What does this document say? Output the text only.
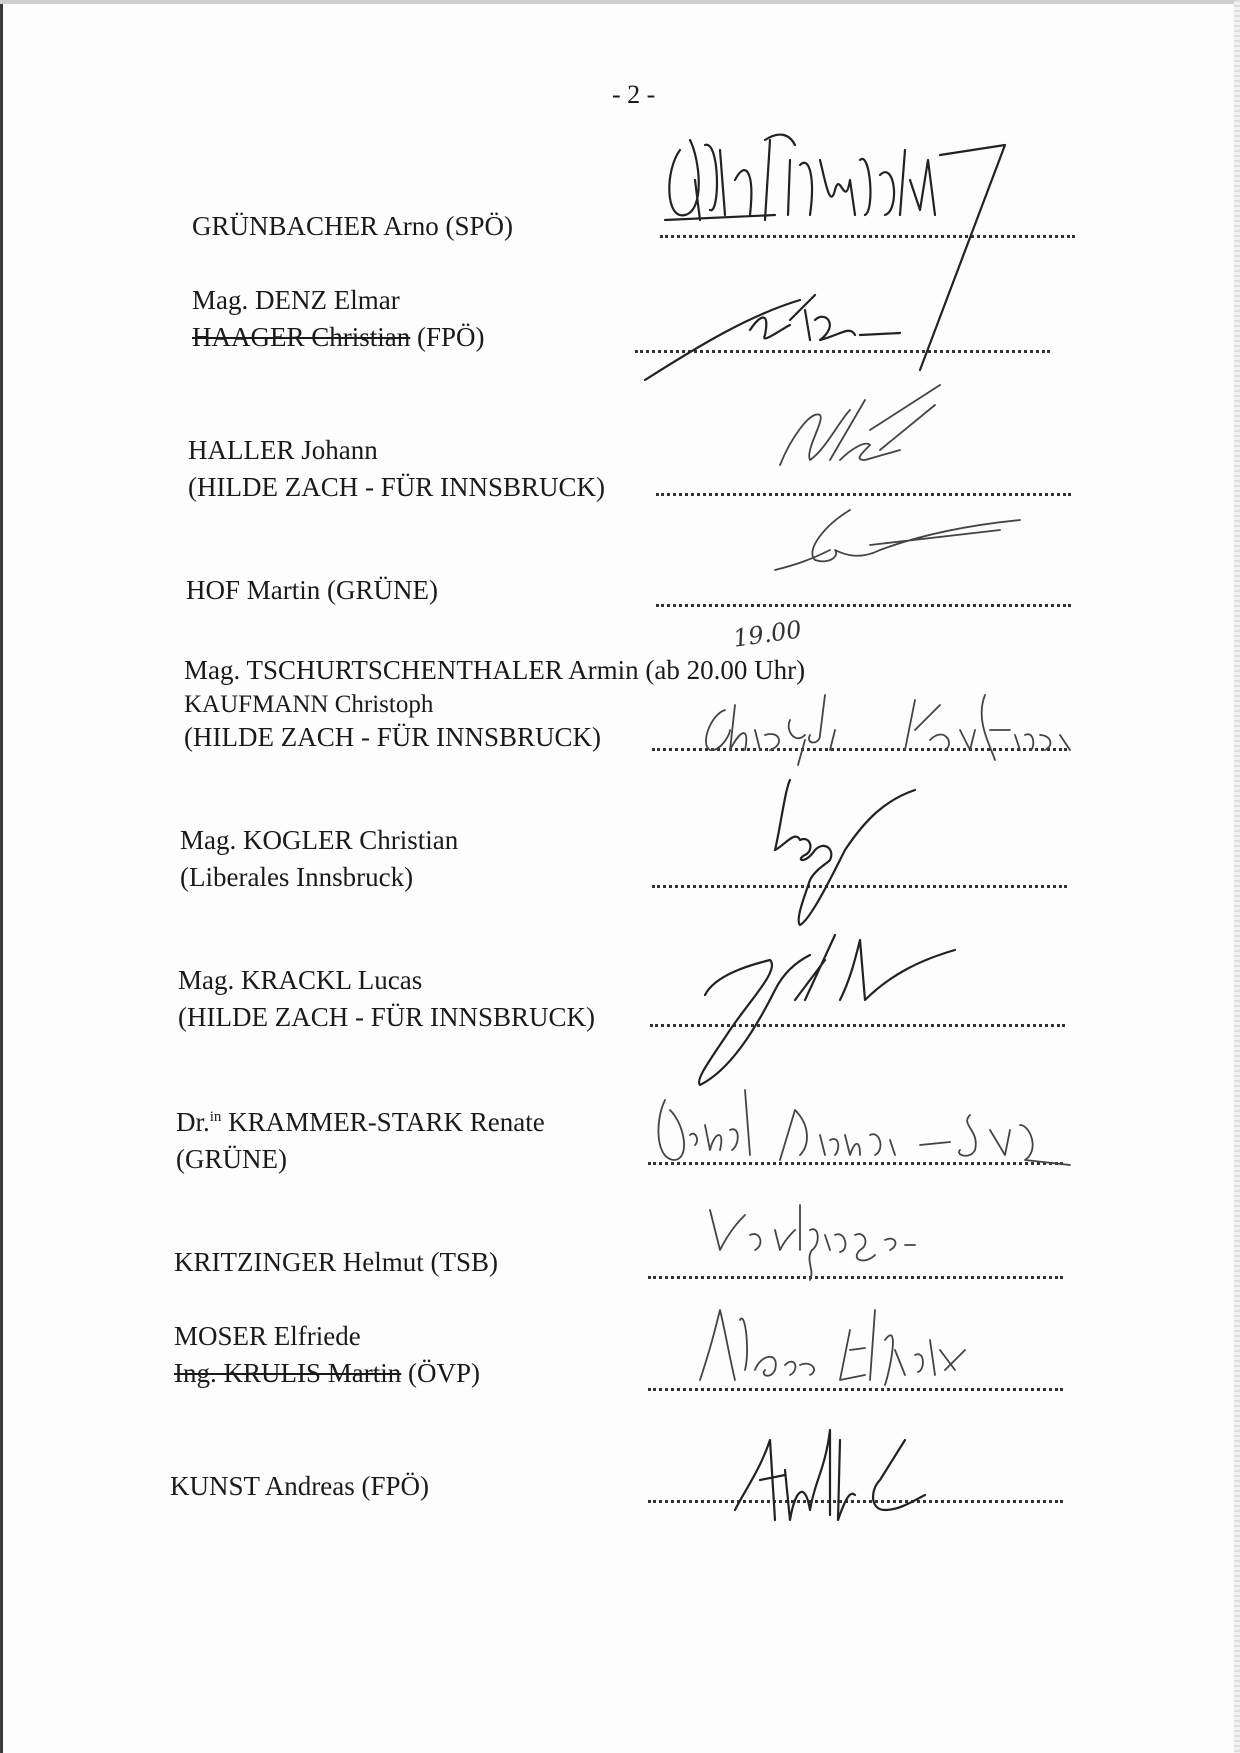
- 2 -
GRÜNBACHER Arno (SPÖ)
Mag. DENZ Elmar
HAAGER Christian (FPÖ)
HALLER Johann
(HILDE ZACH - FÜR INNSBRUCK)
HOF Martin (GRÜNE)
Mag. TSCHURTSCHENTHALER Armin (ab 20.00 Uhr)
KAUFMANN Christoph
(HILDE ZACH - FÜR INNSBRUCK)
19.00
Mag. KOGLER Christian
(Liberales Innsbruck)
Mag. KRACKL Lucas
(HILDE ZACH - FÜR INNSBRUCK)
Dr.$^{in}$ KRAMMER-STARK Renate
(GRÜNE)
KRITZINGER Helmut (TSB)
MOSER Elfriede
Ing. KRULIS Martin (ÖVP)
KUNST Andreas (FPÖ)
